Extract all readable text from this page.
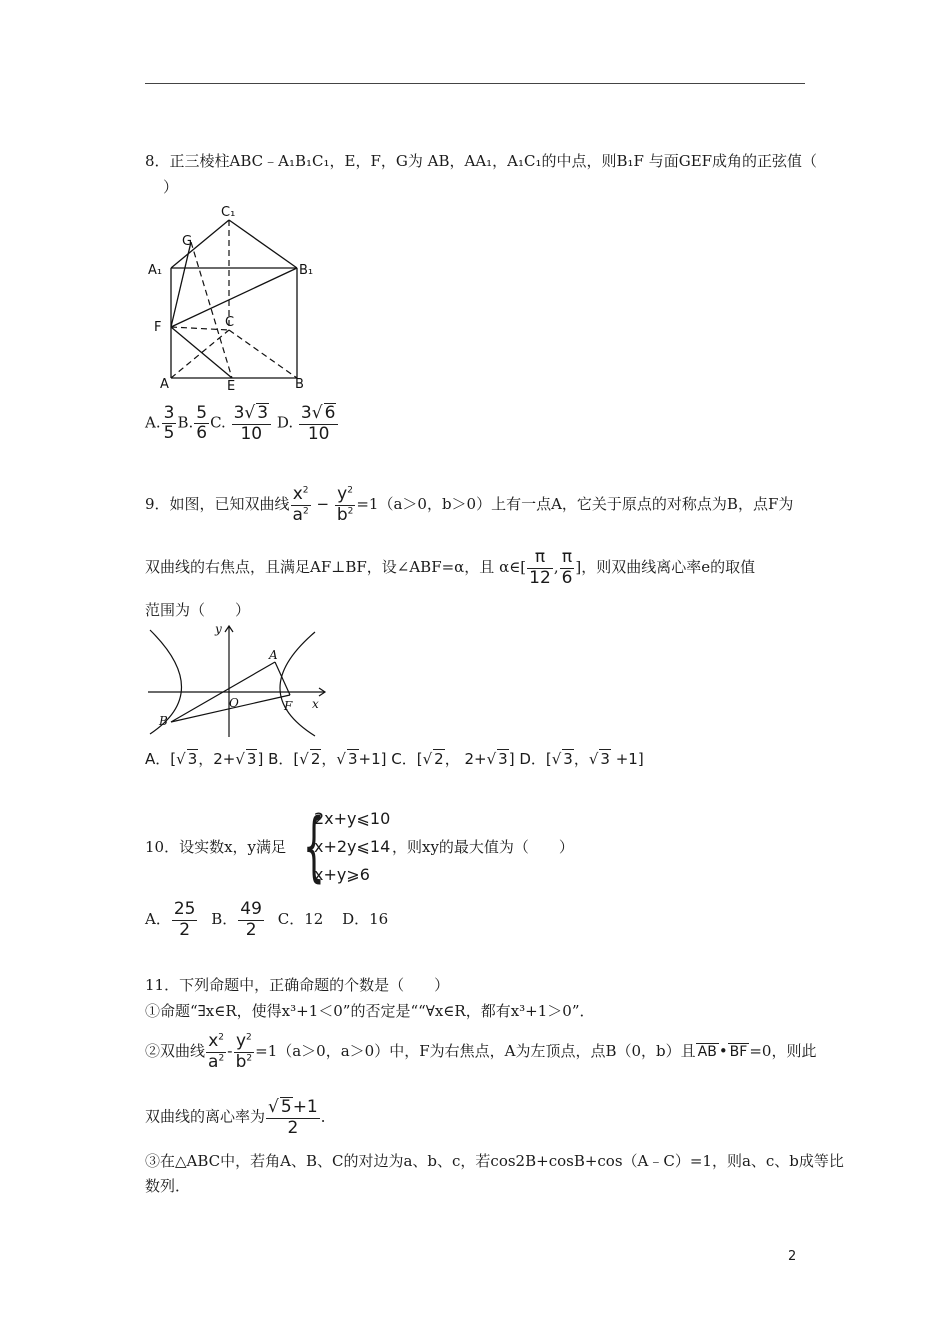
8．正三棱柱ABC﹣A₁B₁C₁，E，F，G为 AB，AA₁，A₁C₁的中点，则B₁F 与面GEF成角的正弦值（
）
C₁
G
A₁	B₁
F	C
A	E	B
A. $\frac{3}{5} B$. $\frac{5}{6} C$. $\frac{3√ 3}{10} D$. $\frac{3√ 6}{10}$
9．如图，已知双曲线 $\frac{x^2}{a^2} - \frac{y^2}{b^2} =1(a>0$，b＞0）上有一点A，它关于原点的对称点为B，点F为
双曲线的右焦点，且满足AF⊥BF，设∠ABF=α，且 α∈[ $\frac{\pi}{12}$ , $\frac{\pi}{6}$ ]，则双曲线离心率e的取值
范围为（　　）
y
A
O	F x
B
A．[√ 3，2+√ 3] B．[√ 2，√ 3+1] C．[√ 2， 2+√ 3] D．[√ 3，√ 3 +1]
10．设实数x，y满足 {
2x+y⩽10
x+2y⩽14
x+y⩾6
，则xy的最大值为（　　）
A． $\frac{25}{2}$ B． $\frac{49}{2}$ C．12 D．16
11．下列命题中，正确命题的个数是（　　）
①命题“∃x∈R，使得x³+1＜0”的否定是““∀x∈R，都有x³+1＞0”．
②双曲线 $\frac{x^2}{a^2} - \frac{y^2}{b^2} =1(a>0$，a＞0）中，F为右焦点，A为左顶点，点B（0，b）且 AB • BF =0，则此
双曲线的离心率为 $\frac{√ 5+1}{2}$ ．
③在△ABC中，若角A、B、C的对边为a、b、c，若cos2B+cosB+cos（A﹣C）=1，则a、c、b成等比
数列．
2
